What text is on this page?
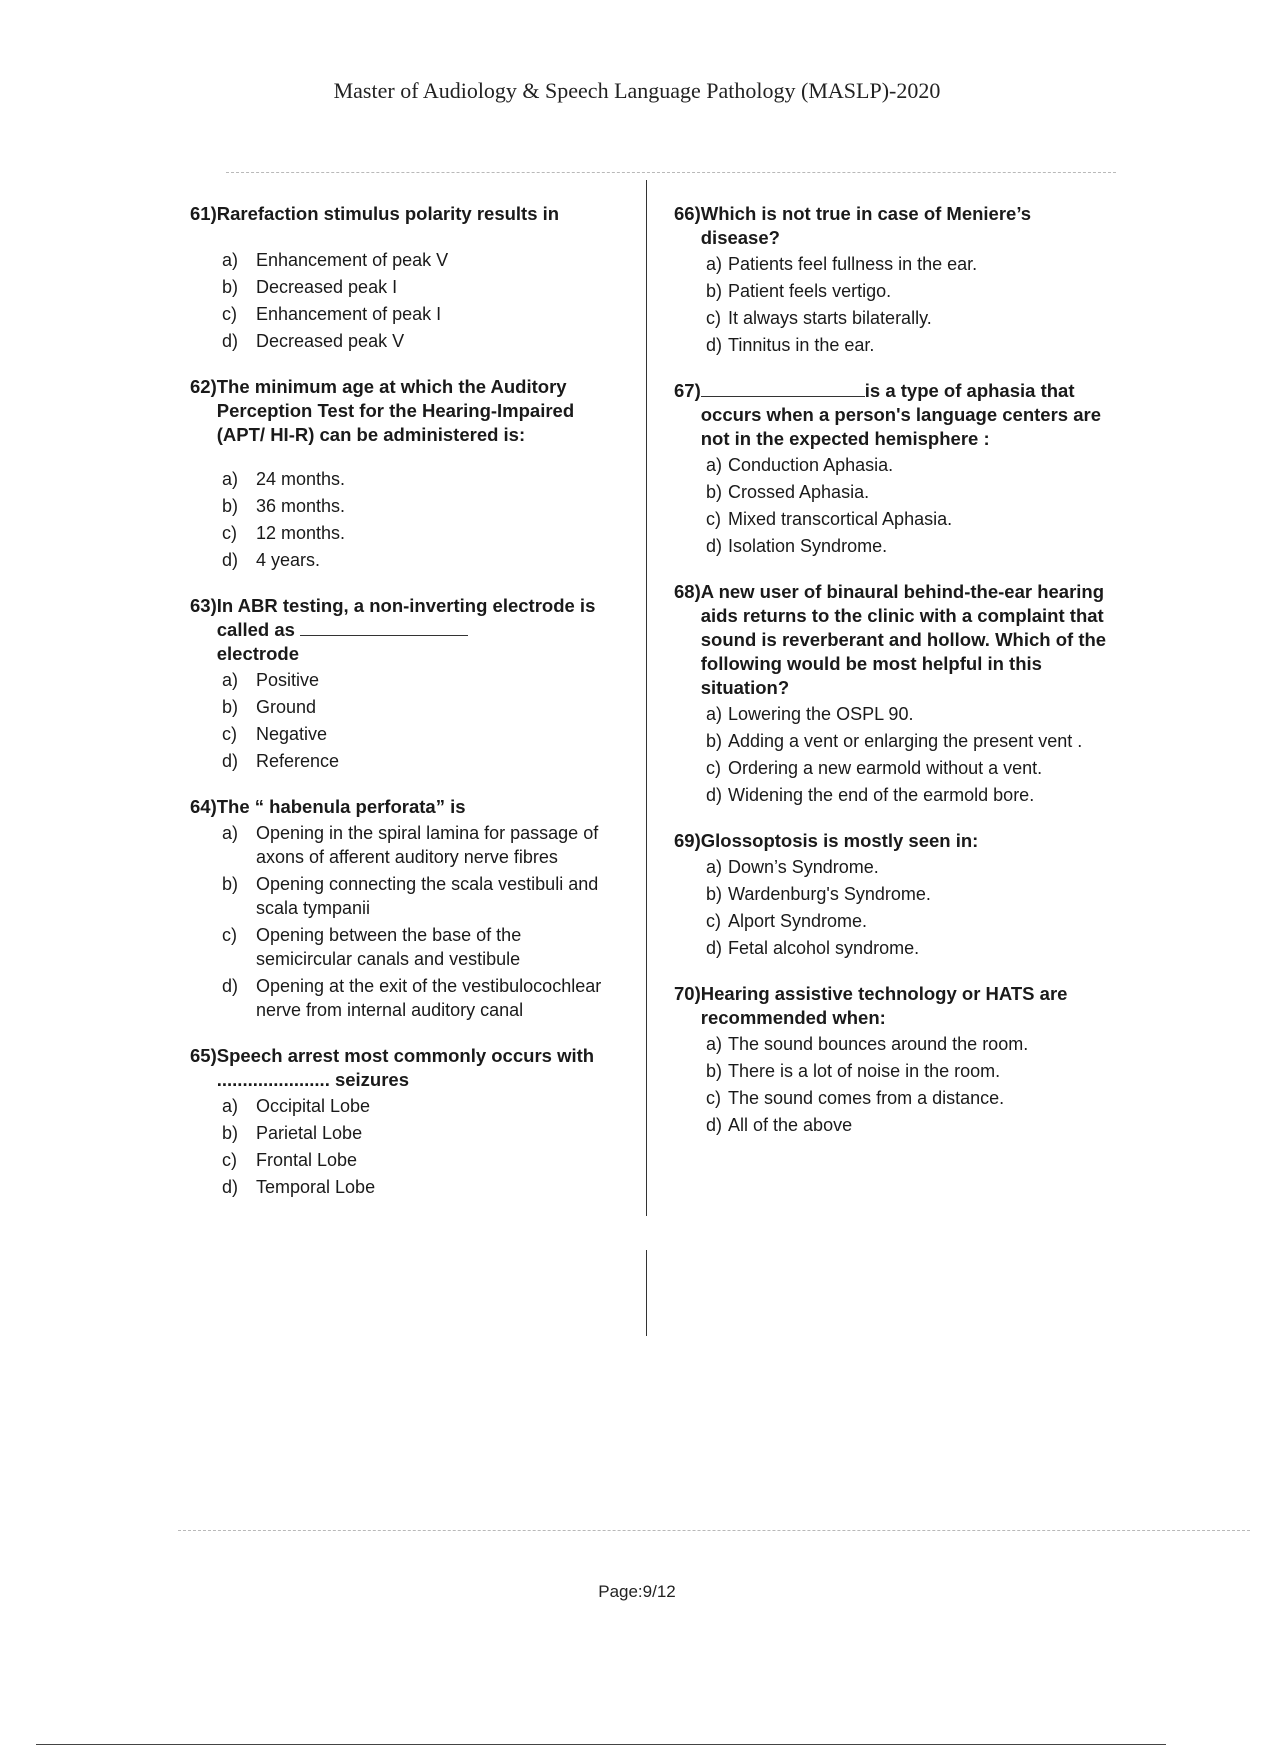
Master of Audiology & Speech Language Pathology (MASLP)-2020
61) Rarefaction stimulus polarity results in
a) Enhancement of peak V
b) Decreased peak I
c)	Enhancement of peak I
d) Decreased peak V
62) The minimum age at which the Auditory Perception Test for the Hearing-Impaired (APT/ HI-R) can be administered is:
a) 24 months.
b) 36 months.
c)	12 months.
d) 4 years.
63) In ABR testing, a non-inverting electrode is called as
electrode
a) Positive
b) Ground
c)	Negative
d) Reference
64) The “ habenula perforata” is
a) Opening in the spiral lamina for passage of axons of afferent auditory nerve fibres
b) Opening connecting the scala vestibuli and scala tympanii
c)	Opening between the base of the semicircular canals and vestibule
d) Opening at the exit of the vestibulocochlear nerve from internal auditory canal
65) Speech arrest most commonly occurs with ...................... seizures
a) Occipital Lobe
b) Parietal Lobe
c)	Frontal Lobe
d) Temporal Lobe
66) Which is not true in case of Meniere’s disease?
a) Patients feel fullness in the ear.
b) Patient feels vertigo.
c) It always starts bilaterally.
d) Tinnitus in the ear.
67)	is a type of aphasia that occurs when a person's language centers are not in the expected hemisphere :
a) Conduction Aphasia.
b) Crossed Aphasia.
c) Mixed transcortical Aphasia.
d) Isolation Syndrome.
68) A new user of binaural behind-the-ear hearing aids returns to the clinic with a complaint that sound is reverberant and hollow. Which of the following would be most helpful in this situation?
a) Lowering the OSPL 90.
b) Adding a vent or enlarging the present vent .
c) Ordering a new earmold without a vent.
d) Widening the end of the earmold bore.
69) Glossoptosis is mostly seen in:
a) Down’s Syndrome.
b) Wardenburg's Syndrome.
c) Alport Syndrome.
d) Fetal alcohol syndrome.
70) Hearing assistive technology or HATS are recommended when:
a) The sound bounces around the room.
b) There is a lot of noise in the room.
c) The sound comes from a distance.
d) All of the above
Page:9/12
